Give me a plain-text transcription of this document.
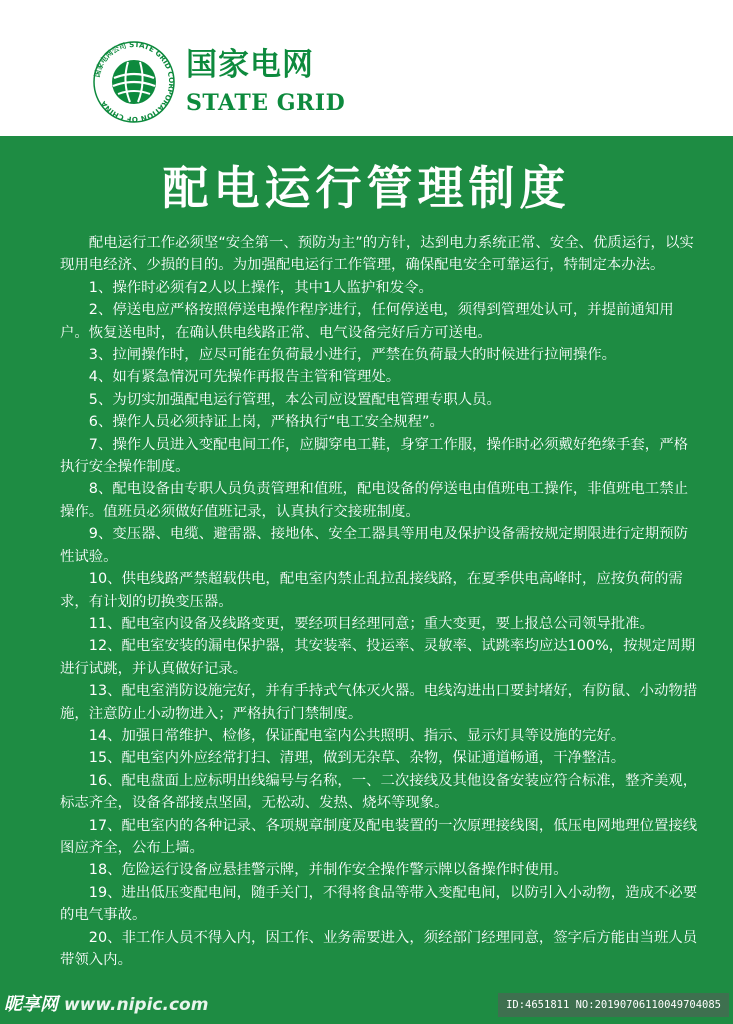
国家电网公司 STATE GRID CORPORATION OF CHINA
国家电网
STATE GRID
配电运行管理制度

配电运行工作必须坚“安全第一、预防为主”的方针，达到电力系统正常、安全、优质运行，以实现用电经济、少损的目的。为加强配电运行工作管理，确保配电安全可靠运行，特制定本办法。

1、操作时必须有2人以上操作，其中1人监护和发令。

2、停送电应严格按照停送电操作程序进行，任何停送电，须得到管理处认可，并提前通知用户。恢复送电时，在确认供电线路正常、电气设备完好后方可送电。

3、拉闸操作时，应尽可能在负荷最小进行，严禁在负荷最大的时候进行拉闸操作。

4、如有紧急情况可先操作再报告主管和管理处。

5、为切实加强配电运行管理，本公司应设置配电管理专职人员。

6、操作人员必须持证上岗，严格执行“电工安全规程”。

7、操作人员进入变配电间工作，应脚穿电工鞋，身穿工作服，操作时必须戴好绝缘手套，严格执行安全操作制度。

8、配电设备由专职人员负责管理和值班，配电设备的停送电由值班电工操作，非值班电工禁止操作。值班员必须做好值班记录，认真执行交接班制度。

9、变压器、电缆、避雷器、接地体、安全工器具等用电及保护设备需按规定期限进行定期预防性试验。

10、供电线路严禁超载供电，配电室内禁止乱拉乱接线路，在夏季供电高峰时，应按负荷的需求，有计划的切换变压器。

11、配电室内设备及线路变更，要经项目经理同意；重大变更，要上报总公司领导批准。

12、配电室安装的漏电保护器，其安装率、投运率、灵敏率、试跳率均应达100%，按规定周期进行试跳，并认真做好记录。

13、配电室消防设施完好，并有手持式气体灭火器。电线沟进出口要封堵好，有防鼠、小动物措施，注意防止小动物进入；严格执行门禁制度。

14、加强日常维护、检修，保证配电室内公共照明、指示、显示灯具等设施的完好。

15、配电室内外应经常打扫、清理，做到无杂草、杂物，保证通道畅通，干净整洁。

16、配电盘面上应标明出线编号与名称，一、二次接线及其他设备安装应符合标准，整齐美观，标志齐全，设备各部接点坚固，无松动、发热、烧坏等现象。

17、配电室内的各种记录、各项规章制度及配电装置的一次原理接线图，低压电网地理位置接线图应齐全，公布上墙。

18、危险运行设备应悬挂警示牌，并制作安全操作警示牌以备操作时使用。

19、进出低压变配电间，随手关门，不得将食品等带入变配电间，以防引入小动物，造成不必要的电气事故。

20、非工作人员不得入内，因工作、业务需要进入，须经部门经理同意，签字后方能由当班人员带领入内。

昵享网 www.nipic.com	ID:4651811 NO:20190706110049704085
